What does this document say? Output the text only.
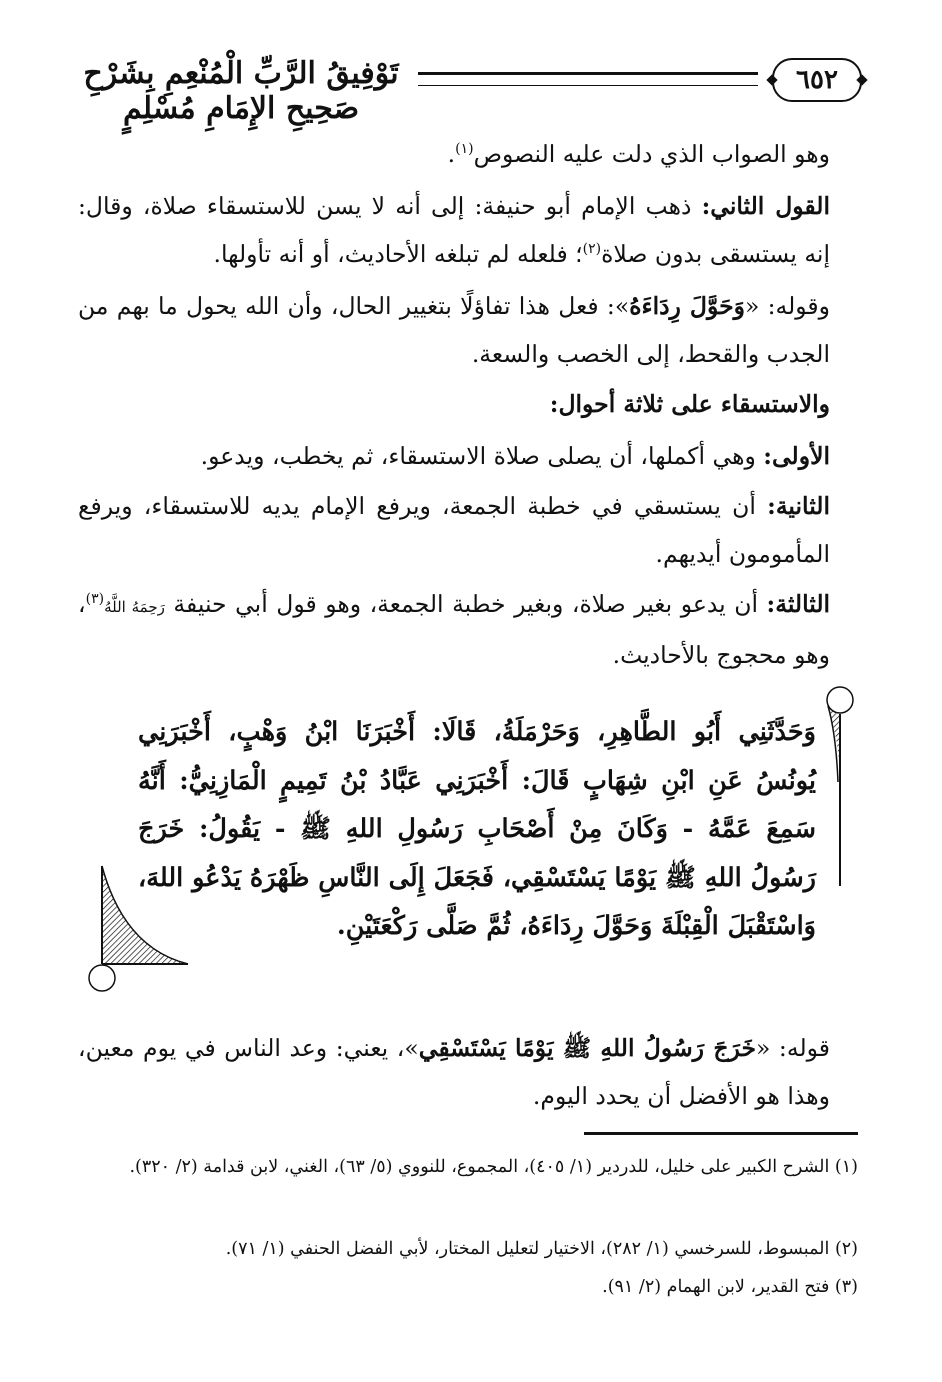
٦٥٢
تَوْفِيقُ الرَّبِّ الْمُنْعِمِ بِشَرْحِ صَحِيحِ الإِمَامِ مُسْلِمٍ
وهو الصواب الذي دلت عليه النصوص$^{(١)}$.
القول الثاني: ذهب الإمام أبو حنيفة: إلى أنه لا يسن للاستسقاء صلاة، وقال: إنه يستسقى بدون صلاة$^{(٢)}$؛ فلعله لم تبلغه الأحاديث، أو أنه تأولها.
وقوله: «وَحَوَّلَ رِدَاءَهُ»: فعل هذا تفاؤلًا بتغيير الحال، وأن الله يحول ما بهم من الجدب والقحط، إلى الخصب والسعة.
والاستسقاء على ثلاثة أحوال:
الأولى: وهي أكملها، أن يصلى صلاة الاستسقاء، ثم يخطب، ويدعو.
الثانية: أن يستسقي في خطبة الجمعة، ويرفع الإمام يديه للاستسقاء، ويرفع المأمومون أيديهم.
الثالثة: أن يدعو بغير صلاة، وبغير خطبة الجمعة، وهو قول أبي حنيفة رَحِمَهُ اللَّهُ$^{(٣)}$، وهو محجوج بالأحاديث.
وَحَدَّثَنِي أَبُو الطَّاهِرِ، وَحَرْمَلَةُ، قَالَا: أَخْبَرَنَا ابْنُ وَهْبٍ، أَخْبَرَنِي يُونُسُ عَنِ ابْنِ شِهَابٍ قَالَ: أَخْبَرَنِي عَبَّادُ بْنُ تَمِيمٍ الْمَازِنِيُّ: أَنَّهُ سَمِعَ عَمَّهُ - وَكَانَ مِنْ أَصْحَابِ رَسُولِ اللهِ ﷺ - يَقُولُ: خَرَجَ رَسُولُ اللهِ ﷺ يَوْمًا يَسْتَسْقِي، فَجَعَلَ إِلَى النَّاسِ ظَهْرَهُ يَدْعُو اللهَ، وَاسْتَقْبَلَ الْقِبْلَةَ وَحَوَّلَ رِدَاءَهُ، ثُمَّ صَلَّى رَكْعَتَيْنِ.
قوله: «خَرَجَ رَسُولُ اللهِ ﷺ يَوْمًا يَسْتَسْقِي»، يعني: وعد الناس في يوم معين، وهذا هو الأفضل أن يحدد اليوم.
(١) الشرح الكبير على خليل، للدردير (١/ ٤٠٥)، المجموع، للنووي (٥/ ٦٣)، الغني، لابن قدامة (٢/ ٣٢٠).
(٢) المبسوط، للسرخسي (١/ ٢٨٢)، الاختيار لتعليل المختار، لأبي الفضل الحنفي (١/ ٧١).
(٣) فتح القدير، لابن الهمام (٢/ ٩١).
